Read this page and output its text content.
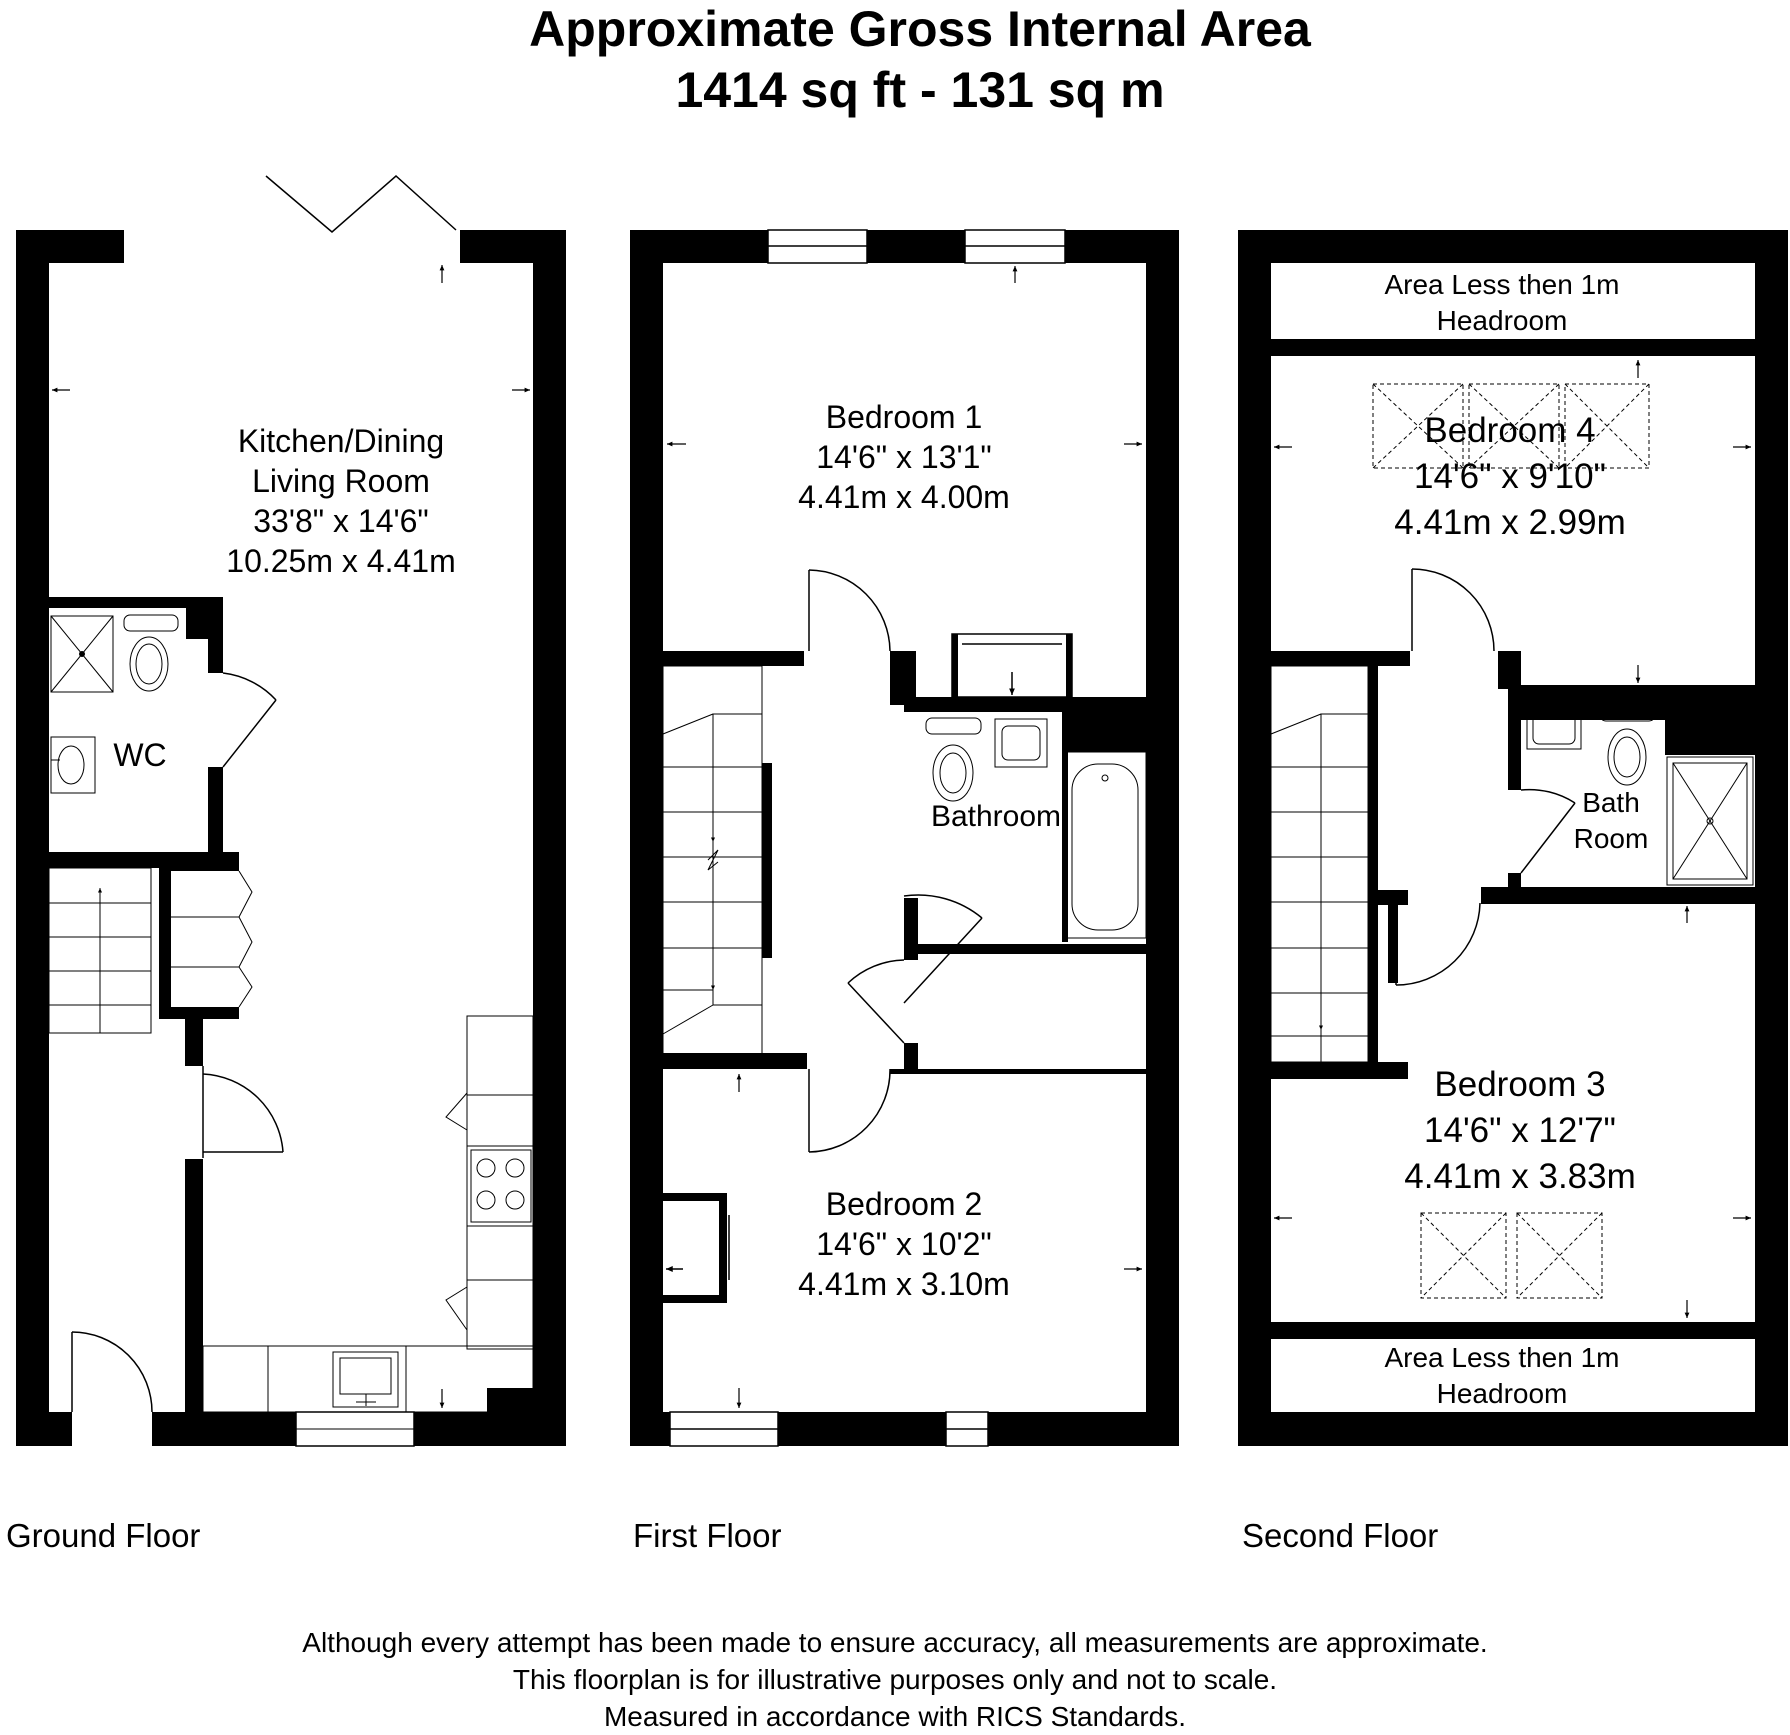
Approximate Gross Internal Area
1414 sq ft - 131 sq m
Kitchen/Dining
Living Room
33'8" x 14'6"
10.25m x 4.41m
WC
Bedroom 1
14'6" x 13'1"
4.41m x 4.00m
Bathroom
Bedroom 2
14'6" x 10'2"
4.41m x 3.10m
Area Less then 1m
Headroom
Bedroom 4
14'6" x 9'10"
4.41m x 2.99m
Bath
Room
Bedroom 3
14'6" x 12'7"
4.41m x 3.83m
Area Less then 1m
Headroom
Ground Floor	First Floor	Second Floor

Although every attempt has been made to ensure accuracy, all measurements are approximate.

This floorplan is for illustrative purposes only and not to scale.

Measured in accordance with RICS Standards.
